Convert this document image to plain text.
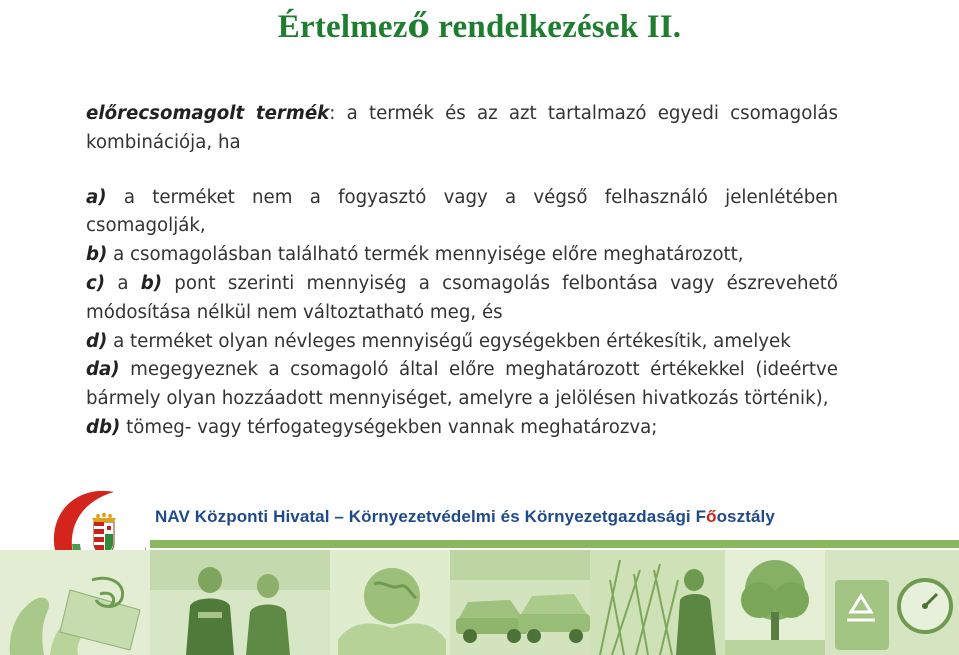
Értelmező rendelkezések II.

előrecsomagolt termék: a termék és az azt tartalmazó egyedi csomagolás kombinációja, ha

a) a terméket nem a fogyasztó vagy a végső felhasználó jelenlétében csomagolják,

b) a csomagolásban található termék mennyisége előre meghatározott,

c) a b) pont szerinti mennyiség a csomagolás felbontása vagy észrevehető módosítása nélkül nem változtatható meg, és

d) a terméket olyan névleges mennyiségű egységekben értékesítik, amelyek

da) megegyeznek a csomagoló által előre meghatározott értékekkel (ideértve bármely olyan hozzáadott mennyiséget, amelyre a jelölésen hivatkozás történik),

db) tömeg- vagy térfogategységekben vannak meghatározva;

NAV Központi Hivatal – Környezetvédelmi és Környezetgazdasági Főosztály
